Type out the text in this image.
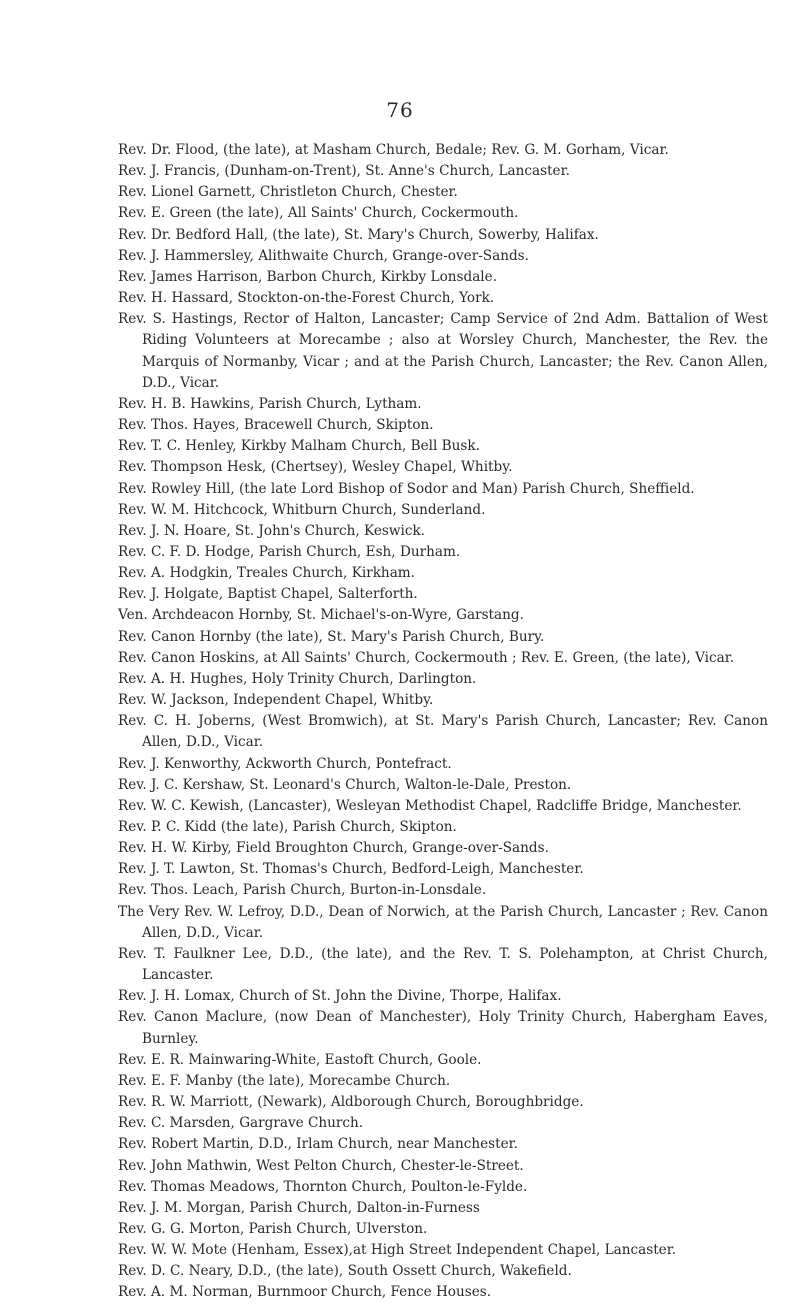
76
Rev. Dr. Flood, (the late), at Masham Church, Bedale; Rev. G. M. Gorham, Vicar.
Rev. J. Francis, (Dunham-on-Trent), St. Anne's Church, Lancaster.
Rev. Lionel Garnett, Christleton Church, Chester.
Rev. E. Green (the late), All Saints' Church, Cockermouth.
Rev. Dr. Bedford Hall, (the late), St. Mary's Church, Sowerby, Halifax.
Rev. J. Hammersley, Alithwaite Church, Grange-over-Sands.
Rev. James Harrison, Barbon Church, Kirkby Lonsdale.
Rev. H. Hassard, Stockton-on-the-Forest Church, York.
Rev. S. Hastings, Rector of Halton, Lancaster; Camp Service of 2nd Adm. Battalion of West Riding Volunteers at Morecambe ; also at Worsley Church, Manchester, the Rev. the Marquis of Normanby, Vicar ; and at the Parish Church, Lancaster; the Rev. Canon Allen, D.D., Vicar.
Rev. H. B. Hawkins, Parish Church, Lytham.
Rev. Thos. Hayes, Bracewell Church, Skipton.
Rev. T. C. Henley, Kirkby Malham Church, Bell Busk.
Rev. Thompson Hesk, (Chertsey), Wesley Chapel, Whitby.
Rev. Rowley Hill, (the late Lord Bishop of Sodor and Man) Parish Church, Sheffield.
Rev. W. M. Hitchcock, Whitburn Church, Sunderland.
Rev. J. N. Hoare, St. John's Church, Keswick.
Rev. C. F. D. Hodge, Parish Church, Esh, Durham.
Rev. A. Hodgkin, Treales Church, Kirkham.
Rev. J. Holgate, Baptist Chapel, Salterforth.
Ven. Archdeacon Hornby, St. Michael's-on-Wyre, Garstang.
Rev. Canon Hornby (the late), St. Mary's Parish Church, Bury.
Rev. Canon Hoskins, at All Saints' Church, Cockermouth ; Rev. E. Green, (the late), Vicar.
Rev. A. H. Hughes, Holy Trinity Church, Darlington.
Rev. W. Jackson, Independent Chapel, Whitby.
Rev. C. H. Joberns, (West Bromwich), at St. Mary's Parish Church, Lancaster; Rev. Canon Allen, D.D., Vicar.
Rev. J. Kenworthy, Ackworth Church, Pontefract.
Rev. J. C. Kershaw, St. Leonard's Church, Walton-le-Dale, Preston.
Rev. W. C. Kewish, (Lancaster), Wesleyan Methodist Chapel, Radcliffe Bridge, Manchester.
Rev. P. C. Kidd (the late), Parish Church, Skipton.
Rev. H. W. Kirby, Field Broughton Church, Grange-over-Sands.
Rev. J. T. Lawton, St. Thomas's Church, Bedford-Leigh, Manchester.
Rev. Thos. Leach, Parish Church, Burton-in-Lonsdale.
The Very Rev. W. Lefroy, D.D., Dean of Norwich, at the Parish Church, Lancaster ; Rev. Canon Allen, D.D., Vicar.
Rev. T. Faulkner Lee, D.D., (the late), and the Rev. T. S. Polehampton, at Christ Church, Lancaster.
Rev. J. H. Lomax, Church of St. John the Divine, Thorpe, Halifax.
Rev. Canon Maclure, (now Dean of Manchester), Holy Trinity Church, Habergham Eaves, Burnley.
Rev. E. R. Mainwaring-White, Eastoft Church, Goole.
Rev. E. F. Manby (the late), Morecambe Church.
Rev. R. W. Marriott, (Newark), Aldborough Church, Boroughbridge.
Rev. C. Marsden, Gargrave Church.
Rev. Robert Martin, D.D., Irlam Church, near Manchester.
Rev. John Mathwin, West Pelton Church, Chester-le-Street.
Rev. Thomas Meadows, Thornton Church, Poulton-le-Fylde.
Rev. J. M. Morgan, Parish Church, Dalton-in-Furness
Rev. G. G. Morton, Parish Church, Ulverston.
Rev. W. W. Mote (Henham, Essex),at High Street Independent Chapel, Lancaster.
Rev. D. C. Neary, D.D., (the late), South Ossett Church, Wakefield.
Rev. A. M. Norman, Burnmoor Church, Fence Houses.
